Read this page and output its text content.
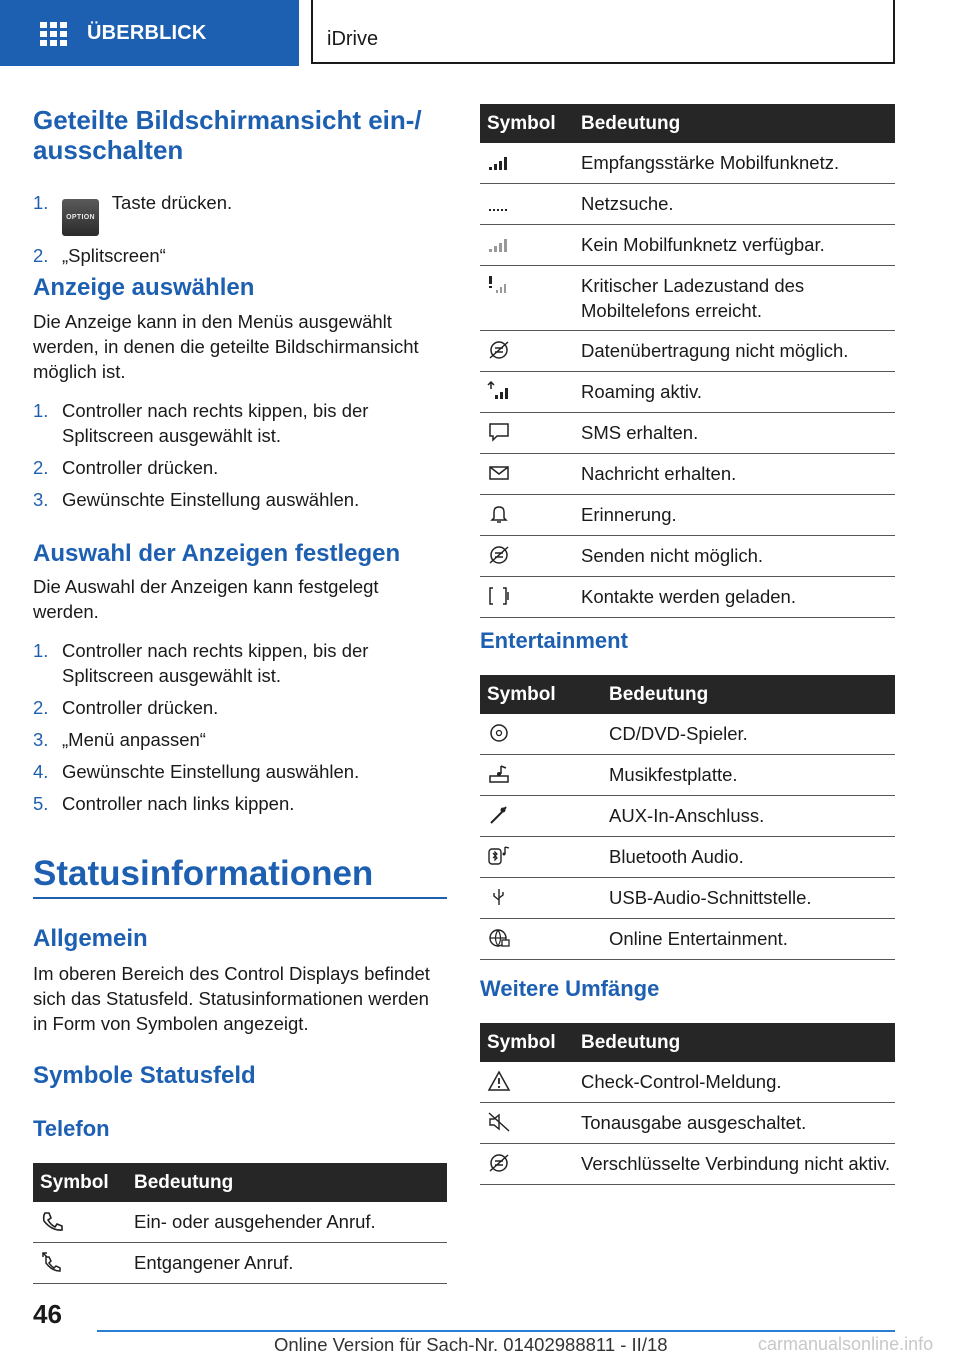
ÜBERBLICK	iDrive
Geteilte Bildschirmansicht ein-/ ausschalten
1.
OPTION Taste drücken.
2. „Splitscreen“
Anzeige auswählen

Die Anzeige kann in den Menüs ausgewählt werden, in denen die geteilte Bildschirmansicht möglich ist.

1. Controller nach rechts kippen, bis der Splitscreen ausgewählt ist.
2. Controller drücken.
3. Gewünschte Einstellung auswählen.
Auswahl der Anzeigen festlegen

Die Auswahl der Anzeigen kann festgelegt werden.

1. Controller nach rechts kippen, bis der Splitscreen ausgewählt ist.
2. Controller drücken.
3. „Menü anpassen“
4. Gewünschte Einstellung auswählen.
5. Controller nach links kippen.
Statusinformationen
Allgemein

Im oberen Bereich des Control Displays befindet sich das Statusfeld. Statusinformationen werden in Form von Symbolen angezeigt.

Symbole Statusfeld
Telefon
Symbol	Bedeutung
	Ein- oder ausgehender Anruf.
	Entgangener Anruf.
Symbol	Bedeutung
	Empfangsstärke Mobilfunknetz.
	Netzsuche.
	Kein Mobilfunknetz verfügbar.
	Kritischer Ladezustand des Mobiltelefons erreicht.
	Datenübertragung nicht möglich.
	Roaming aktiv.
	SMS erhalten.
	Nachricht erhalten.
	Erinnerung.
	Senden nicht möglich.
	Kontakte werden geladen.
Entertainment
Symbol	Bedeutung
	CD/DVD-Spieler.
	Musikfestplatte.
	AUX-In-Anschluss.
	Bluetooth Audio.
	USB-Audio-Schnittstelle.
	Online Entertainment.
Weitere Umfänge
Symbol	Bedeutung
	Check-Control-Meldung.
	Tonausgabe ausgeschaltet.
	Verschlüsselte Verbindung nicht aktiv.
46
Online Version für Sach-Nr. 01402988811 - II/18	carmanualsonline.info
